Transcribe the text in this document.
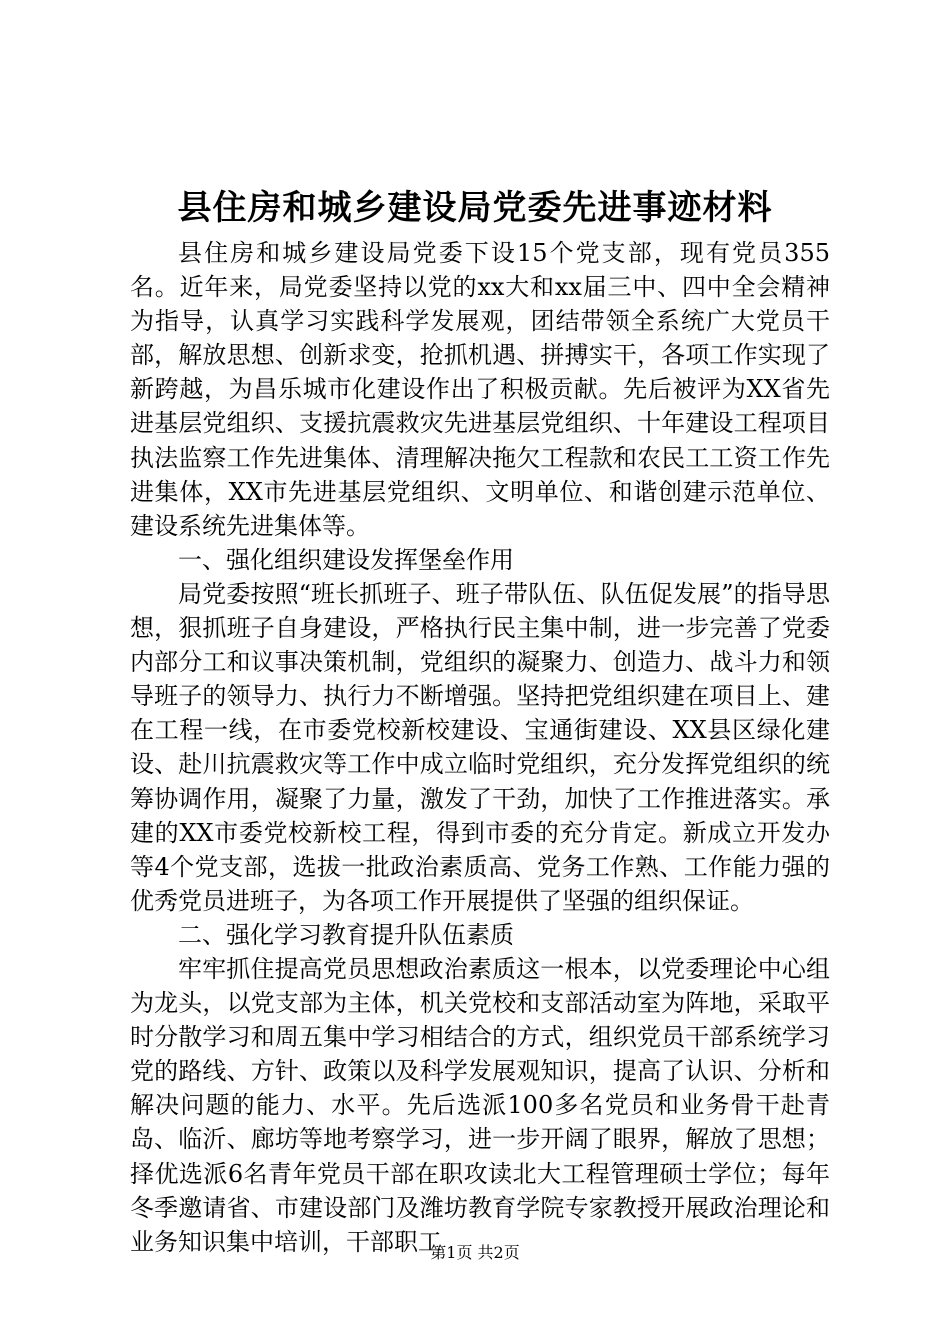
县住房和城乡建设局党委先进事迹材料

县住房和城乡建设局党委下设15个党支部，现有党员355名。近年来，局党委坚持以党的xx大和xx届三中、四中全会精神为指导，认真学习实践科学发展观，团结带领全系统广大党员干部，解放思想、创新求变，抢抓机遇、拼搏实干，各项工作实现了新跨越，为昌乐城市化建设作出了积极贡献。先后被评为XX省先进基层党组织、支援抗震救灾先进基层党组织、十年建设工程项目执法监察工作先进集体、清理解决拖欠工程款和农民工工资工作先进集体，XX市先进基层党组织、文明单位、和谐创建示范单位、建设系统先进集体等。

一、强化组织建设发挥堡垒作用

局党委按照“班长抓班子、班子带队伍、队伍促发展”的指导思想，狠抓班子自身建设，严格执行民主集中制，进一步完善了党委内部分工和议事决策机制，党组织的凝聚力、创造力、战斗力和领导班子的领导力、执行力不断增强。坚持把党组织建在项目上、建在工程一线，在市委党校新校建设、宝通街建设、XX县区绿化建设、赴川抗震救灾等工作中成立临时党组织，充分发挥党组织的统筹协调作用，凝聚了力量，激发了干劲，加快了工作推进落实。承建的XX市委党校新校工程，得到市委的充分肯定。新成立开发办等4个党支部，选拔一批政治素质高、党务工作熟、工作能力强的优秀党员进班子，为各项工作开展提供了坚强的组织保证。

二、强化学习教育提升队伍素质

牢牢抓住提高党员思想政治素质这一根本，以党委理论中心组为龙头，以党支部为主体，机关党校和支部活动室为阵地，采取平时分散学习和周五集中学习相结合的方式，组织党员干部系统学习党的路线、方针、政策以及科学发展观知识，提高了认识、分析和解决问题的能力、水平。先后选派100多名党员和业务骨干赴青岛、临沂、廊坊等地考察学习，进一步开阔了眼界，解放了思想；择优选派6名青年党员干部在职攻读北大工程管理硕士学位；每年冬季邀请省、市建设部门及潍坊教育学院专家教授开展政治理论和业务知识集中培训，干部职工

第1页 共2页
